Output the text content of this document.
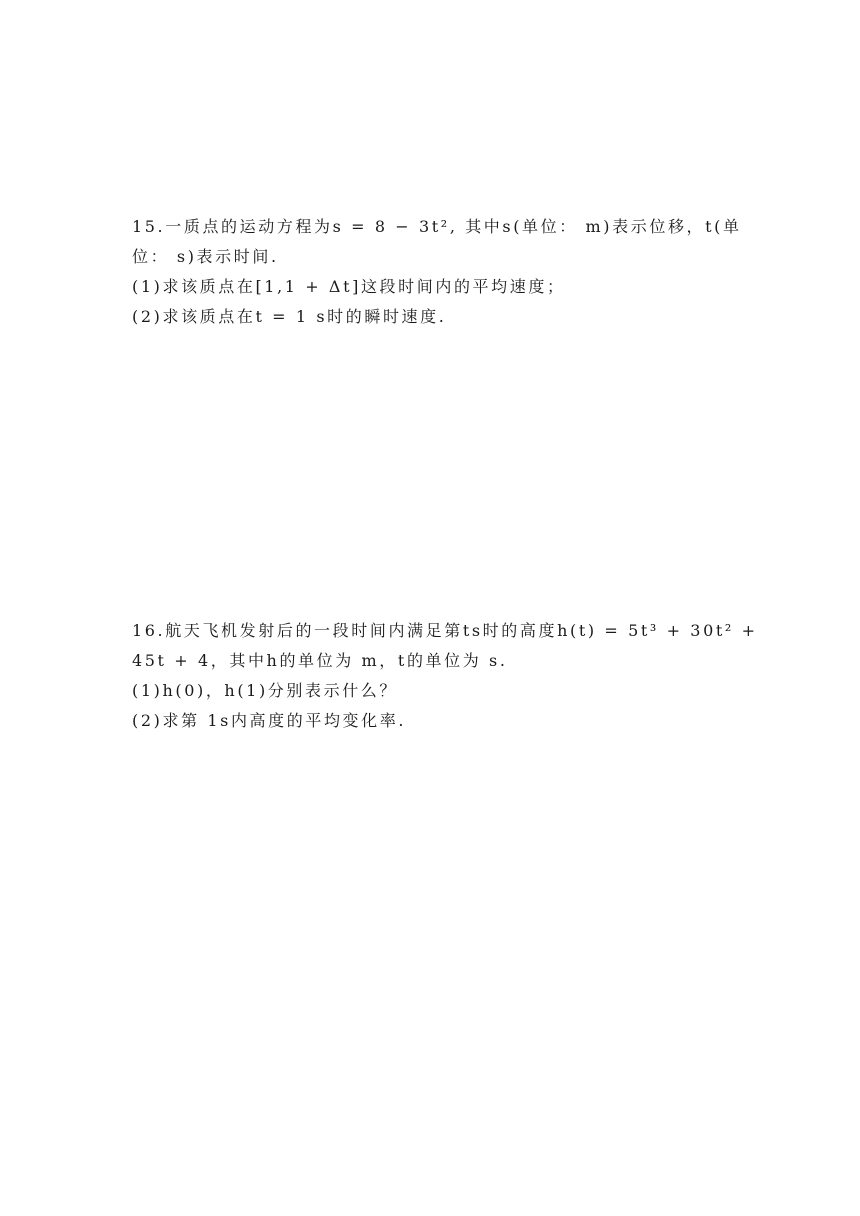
15.一质点的运动方程为s = 8 − 3t², 其中s(单位： m)表示位移，t(单
位： s)表示时间.
(1)求该质点在[1,1 + Δt]这段时间内的平均速度；
(2)求该质点在t = 1 s时的瞬时速度.
16.航天飞机发射后的一段时间内满足第ts时的高度h(t) = 5t³ + 30t² +
45t + 4，其中h的单位为 m，t的单位为 s.
(1)h(0)，h(1)分别表示什么？
(2)求第 1s内高度的平均变化率.
